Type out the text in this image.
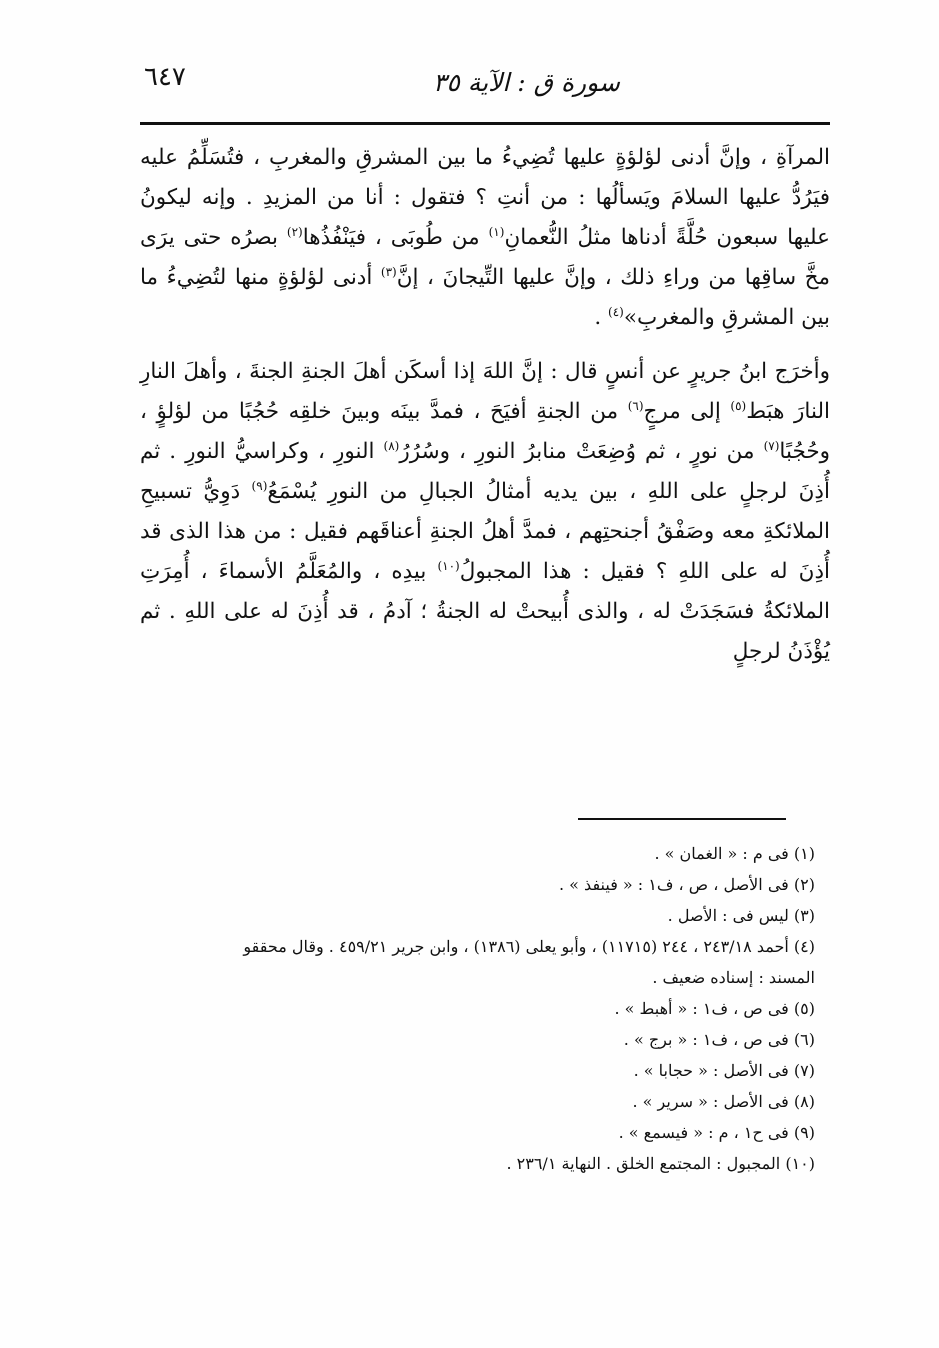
سورة ق : الآية ٣٥
٦٤٧

المرآةِ ، وإنَّ أدنى لؤلؤةٍ عليها تُضِيءُ ما بين المشرقِ والمغربِ ، فتُسَلِّمُ عليه فيَرُدُّ عليها السلامَ ويَسألُها : من أنتِ ؟ فتقول : أنا من المزيدِ . وإنه ليكونُ عليها سبعون حُلَّةً أدناها مثلُ النُّعمانِ$^{(١)}$ من طُوبَى ، فيَنْفُذُها$^{(٢)}$ بصرُه حتى يرَى مخَّ ساقِها من وراءِ ذلك ، وإنَّ عليها التِّيجانَ ، إنَّ$^{(٣)}$ أدنى لؤلؤةٍ منها لتُضِيءُ ما بين المشرقِ والمغربِ»$^{(٤)}$ .

وأخرَج ابنُ جريرٍ عن أنسٍ قال : إنَّ اللهَ إذا أسكَن أهلَ الجنةِ الجنةَ ، وأهلَ النارِ النارَ هبَط$^{(٥)}$ إلى مرجٍ$^{(٦)}$ من الجنةِ أفيَحَ ، فمدَّ بينَه وبينَ خلقِه حُجُبًا من لؤلؤٍ ، وحُجُبًا$^{(٧)}$ من نورٍ ، ثم وُضِعَتْ منابرُ النورِ ، وسُرُرُ$^{(٨)}$ النورِ ، وكراسيُّ النورِ . ثم أُذِنَ لرجلٍ على اللهِ ، بين يديه أمثالُ الجبالِ من النورِ يُسْمَعُ$^{(٩)}$ دَوِيُّ تسبيحِ الملائكةِ معه وصَفْقُ أجنحتِهم ، فمدَّ أهلُ الجنةِ أعناقَهم فقيل : من هذا الذى قد أُذِنَ له على اللهِ ؟ فقيل : هذا المجبولُ$^{(١٠)}$ بيدِه ، والمُعَلَّمُ الأسماءَ ، أُمِرَتِ الملائكةُ فسَجَدَتْ له ، والذى أُبيحتْ له الجنةُ ؛ آدمُ ، قد أُذِنَ له على اللهِ . ثم يُؤْذَنُ لرجلٍ

(١) فى م : « الغمان » .

(٢) فى الأصل ، ص ، ف١ : « فينفذ » .

(٣) ليس فى : الأصل .

(٤) أحمد ٢٤٣/١٨ ، ٢٤٤ (١١٧١٥) ، وأبو يعلى (١٣٨٦) ، وابن جرير ٤٥٩/٢١ . وقال محققو

المسند : إسناده ضعيف .

(٥) فى ص ، ف١ : « أهبط » .

(٦) فى ص ، ف١ : « برج » .

(٧) فى الأصل : « حجابا » .

(٨) فى الأصل : « سرير » .

(٩) فى ح١ ، م : « فيسمع » .

(١٠) المجبول : المجتمع الخلق . النهاية ٢٣٦/١ .
